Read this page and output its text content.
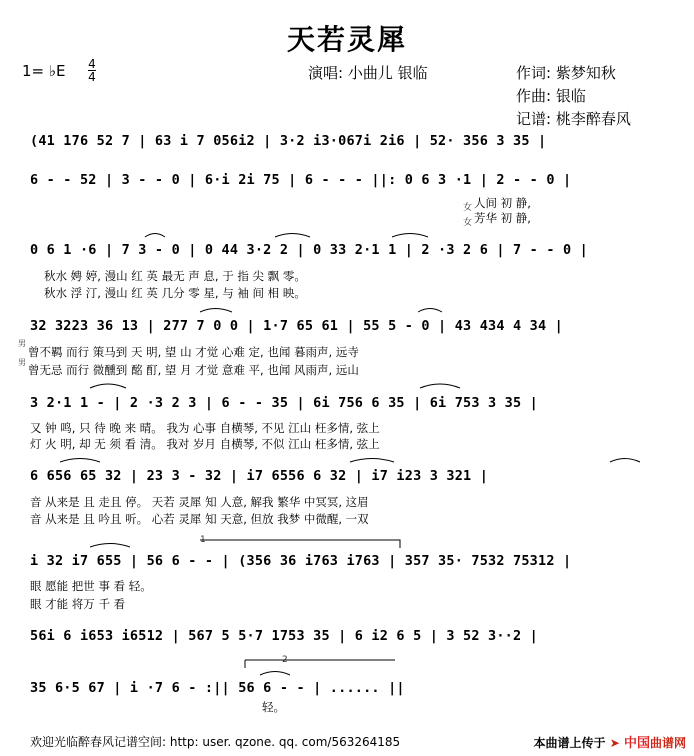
天若灵犀
1= ♭E 4
4	演唱: 小曲儿 银临	作词: 紫梦知秋
作曲: 银临
记谱: 桃李醉春风
(41 176 52 7 | 63 i 7 056i2 | 3·2 i3·067i 2i6 | 52· 356 3 35 |
6 - - 52 | 3 - - 0 | 6·i 2i 75 | 6 - - - ||: 0 6 3 ·1 | 2 - - 0 |
0 6 1 ·6 | 7 3 - 0 | 0 44 3·2 2 | 0 33 2·1 1 | 2 ·3 2 6 | 7 - - 0 |
32 3223 36 13 | 277 7 0 0 | 1·7 65 61 | 55 5 - 0 | 43 434 4 34 |
3 2·1 1 - | 2 ·3 2 3 | 6 - - 35 | 6i 756 6 35 | 6i 753 3 35 |
6 656 65 32 | 23 3 - 32 | i7 6556 6 32 | i7 i23 3 321 |
i 32 i7 655 | 56 6 - - | (356 36 i763 i763 | 357 35· 7532 75312 |
56i 6 i653 i6512 | 567 5 5·7 1753 35 | 6 i2 6 5 | 3 52 3··2 |
35 6·5 67 | i ·7 6 - :|| 56 6 - - | ...... ||
女 人间 初 静,
女 芳华 初 静,
秋水 娉 婷, 漫山 红 英 最无 声 息, 于 指 尖 飘 零。
秋水 浮 汀, 漫山 红 英 几分 零 星, 与 袖 间 相 映。
男
曾不羁 而行 策马到 天 明, 望 山 才觉 心难 定, 也闻 暮雨声, 远寺
男
曾无忌 而行 微醺到 酩 酊, 望 月 才觉 意难 平, 也闻 风雨声, 远山
又 钟 鸣, 只 待 晚 来 晴。 我为 心事 自横琴, 不见 江山 枉多情, 弦上
灯 火 明, 却 无 须 看 清。 我对 岁月 自横琴, 不似 江山 枉多情, 弦上
音 从来是 且 走且 停。 天若 灵犀 知 人意, 解我 繁华 中冥冥, 这眉
音 从来是 且 吟且 听。 心若 灵犀 知 天意, 但放 我梦 中微醒, 一双
眼 愿能 把世 事 看 轻。
眼 才能 将万 千 看
轻。
1
2
欢迎光临醉春风记谱空间: http: user. qzone. qq. com/563264185	本曲谱上传于 ➤ 中国曲谱网
